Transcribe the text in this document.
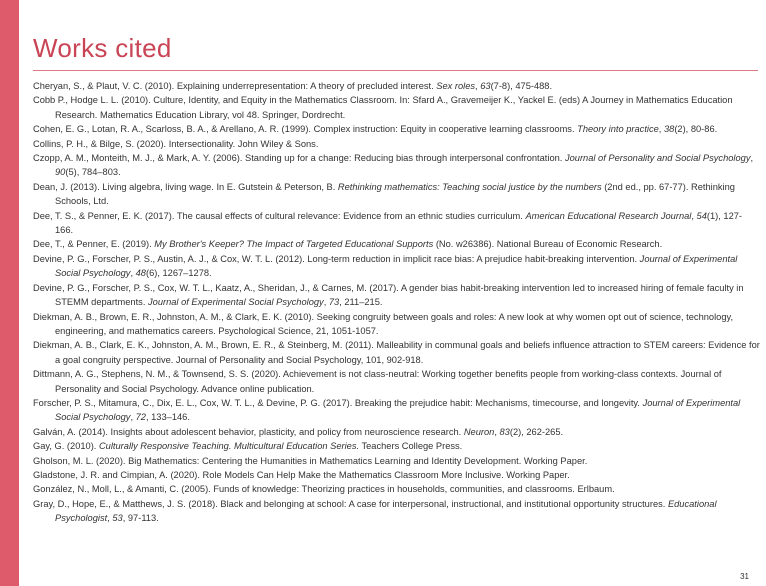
Works cited

Cheryan, S., & Plaut, V. C. (2010). Explaining underrepresentation: A theory of precluded interest. Sex roles, 63(7-8), 475-488.

Cobb P., Hodge L. L. (2010). Culture, Identity, and Equity in the Mathematics Classroom. In: Sfard A., Gravemeijer K., Yackel E. (eds) A Journey in Mathematics Education Research. Mathematics Education Library, vol 48. Springer, Dordrecht.

Cohen, E. G., Lotan, R. A., Scarloss, B. A., & Arellano, A. R. (1999). Complex instruction: Equity in cooperative learning classrooms. Theory into practice, 38(2), 80-86.

Collins, P. H., & Bilge, S. (2020). Intersectionality. John Wiley & Sons.

Czopp, A. M., Monteith, M. J., & Mark, A. Y. (2006). Standing up for a change: Reducing bias through interpersonal confrontation. Journal of Personality and Social Psychology, 90(5), 784–803.

Dean, J. (2013). Living algebra, living wage. In E. Gutstein & Peterson, B. Rethinking mathematics: Teaching social justice by the numbers (2nd ed., pp. 67-77). Rethinking Schools, Ltd.

Dee, T. S., & Penner, E. K. (2017). The causal effects of cultural relevance: Evidence from an ethnic studies curriculum. American Educational Research Journal, 54(1), 127-166.

Dee, T., & Penner, E. (2019). My Brother's Keeper? The Impact of Targeted Educational Supports (No. w26386). National Bureau of Economic Research.

Devine, P. G., Forscher, P. S., Austin, A. J., & Cox, W. T. L. (2012). Long-term reduction in implicit race bias: A prejudice habit-breaking intervention. Journal of Experimental Social Psychology, 48(6), 1267–1278.

Devine, P. G., Forscher, P. S., Cox, W. T. L., Kaatz, A., Sheridan, J., & Carnes, M. (2017). A gender bias habit-breaking intervention led to increased hiring of female faculty in STEMM departments. Journal of Experimental Social Psychology, 73, 211–215.

Diekman, A. B., Brown, E. R., Johnston, A. M., & Clark, E. K. (2010). Seeking congruity between goals and roles: A new look at why women opt out of science, technology, engineering, and mathematics careers. Psychological Science, 21, 1051-1057.

Diekman, A. B., Clark, E. K., Johnston, A. M., Brown, E. R., & Steinberg, M. (2011). Malleability in communal goals and beliefs influence attraction to STEM careers: Evidence for a goal congruity perspective. Journal of Personality and Social Psychology, 101, 902-918.

Dittmann, A. G., Stephens, N. M., & Townsend, S. S. (2020). Achievement is not class-neutral: Working together benefits people from working-class contexts. Journal of Personality and Social Psychology. Advance online publication.

Forscher, P. S., Mitamura, C., Dix, E. L., Cox, W. T. L., & Devine, P. G. (2017). Breaking the prejudice habit: Mechanisms, timecourse, and longevity. Journal of Experimental Social Psychology, 72, 133–146.

Galván, A. (2014). Insights about adolescent behavior, plasticity, and policy from neuroscience research. Neuron, 83(2), 262-265.

Gay, G. (2010). Culturally Responsive Teaching. Multicultural Education Series. Teachers College Press.

Gholson, M. L. (2020). Big Mathematics: Centering the Humanities in Mathematics Learning and Identity Development. Working Paper.

Gladstone, J. R. and Cimpian, A. (2020). Role Models Can Help Make the Mathematics Classroom More Inclusive. Working Paper.

González, N., Moll, L., & Amanti, C. (2005). Funds of knowledge: Theorizing practices in households, communities, and classrooms. Erlbaum.

Gray, D., Hope, E., & Matthews, J. S. (2018). Black and belonging at school: A case for interpersonal, instructional, and institutional opportunity structures. Educational Psychologist, 53, 97-113.

31
